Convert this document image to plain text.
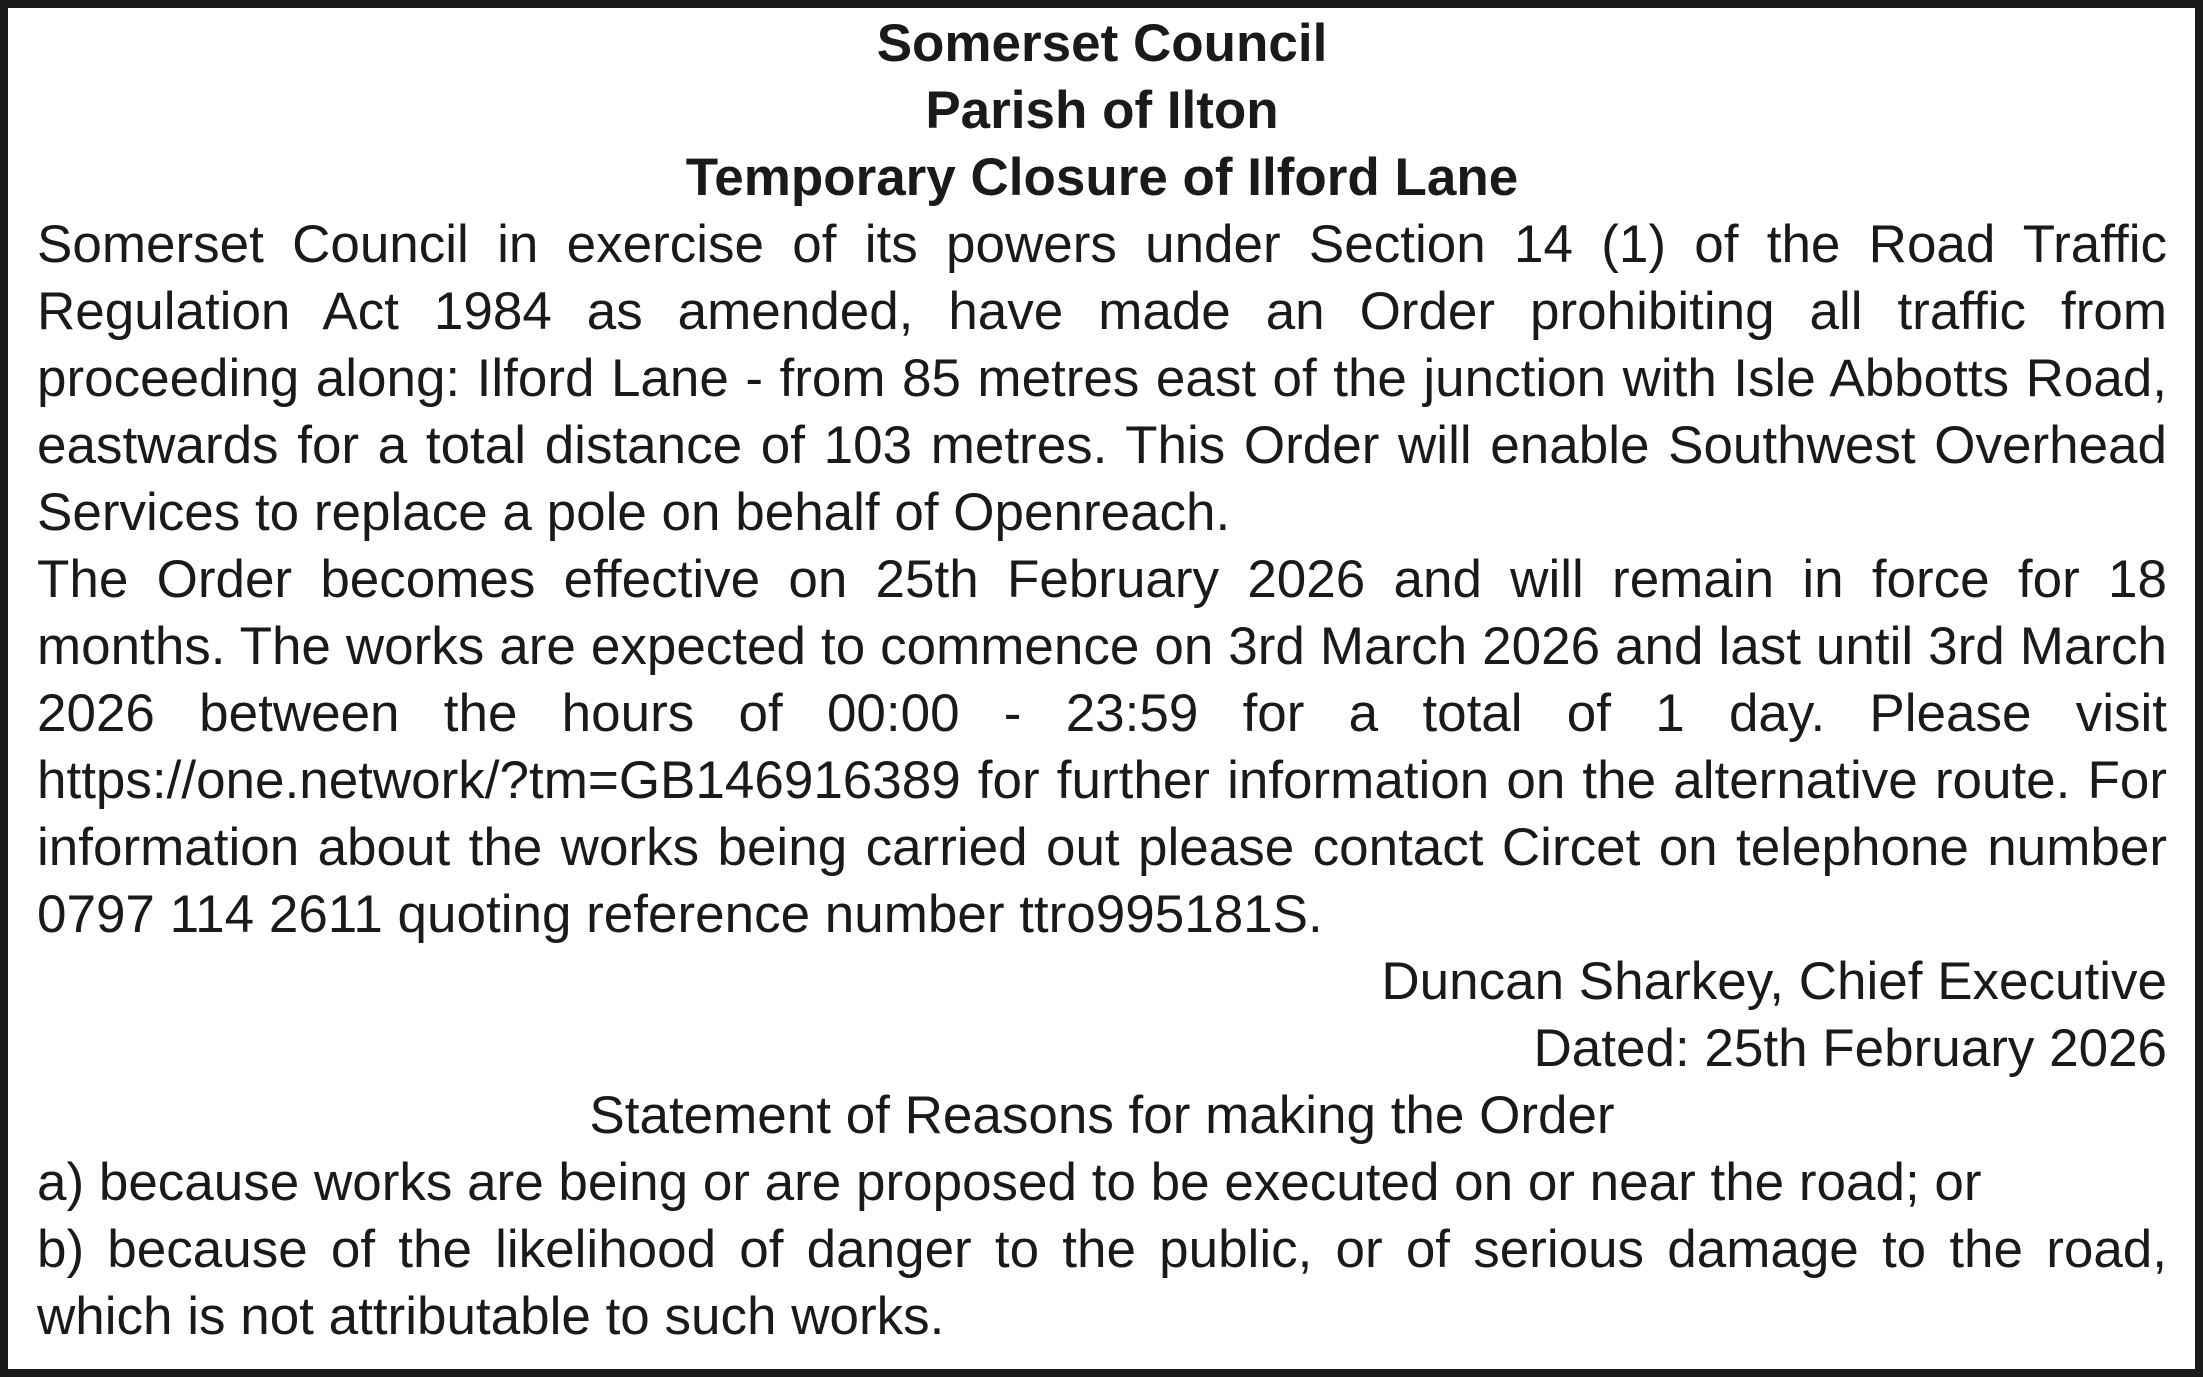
Somerset Council
Parish of Ilton
Temporary Closure of Ilford Lane

Somerset Council in exercise of its powers under Section 14 (1) of the Road Traffic Regulation Act 1984 as amended, have made an Order prohibiting all traffic from proceeding along: Ilford Lane - from 85 metres east of the junction with Isle Abbotts Road, eastwards for a total distance of 103 metres. This Order will enable Southwest Overhead Services to replace a pole on behalf of Openreach.

The Order becomes effective on 25th February 2026 and will remain in force for 18 months. The works are expected to commence on 3rd March 2026 and last until 3rd March 2026 between the hours of 00:00 - 23:59 for a total of 1 day. Please visit https://one.network/?tm=GB146916389 for further information on the alternative route. For information about the works being carried out please contact Circet on telephone number 0797 114 2611 quoting reference number ttro995181S.

Duncan Sharkey, Chief Executive
Dated: 25th February 2026
Statement of Reasons for making the Order

a) because works are being or are proposed to be executed on or near the road; or

b) because of the likelihood of danger to the public, or of serious damage to the road, which is not attributable to such works.
